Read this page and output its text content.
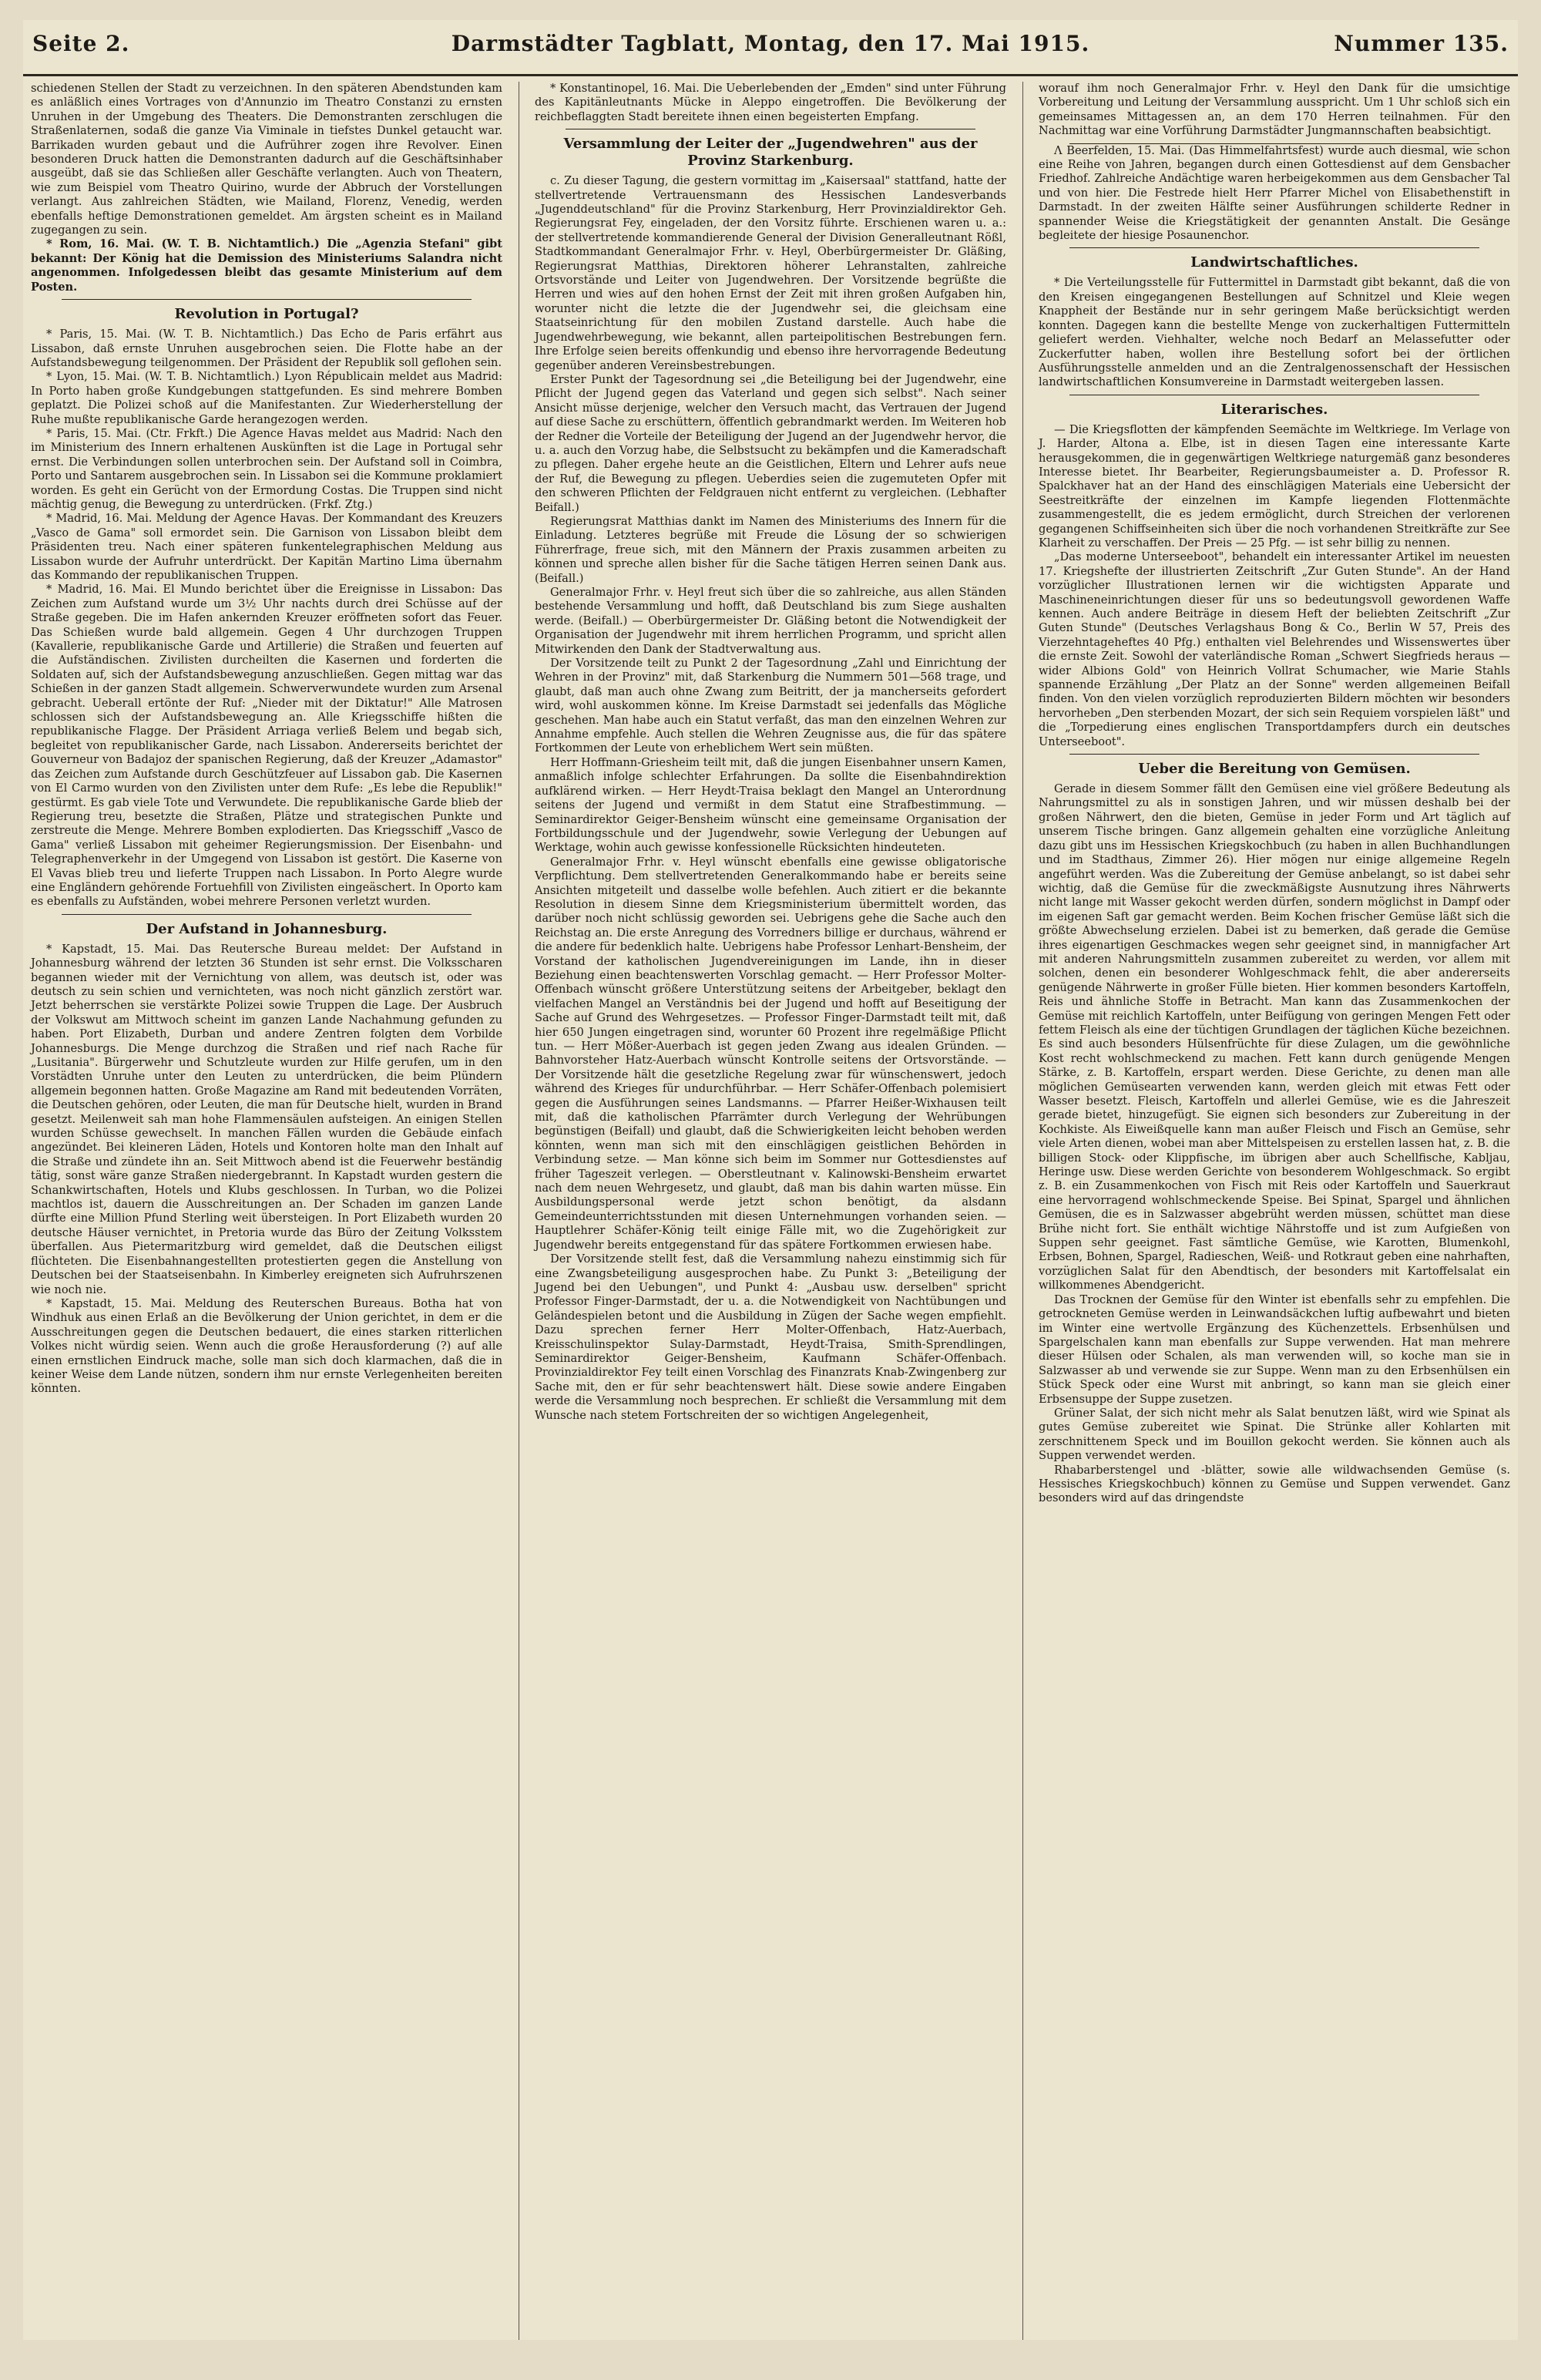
Seite 2.	Darmstädter Tagblatt, Montag, den 17. Mai 1915.	Nummer 135.

schiedenen Stellen der Stadt zu verzeichnen. In den späteren Abendstunden kam es anläßlich eines Vortrages von d'Annunzio im Theatro Constanzi zu ernsten Unruhen in der Umgebung des Theaters. Die Demonstranten zerschlugen die Straßenlaternen, sodaß die ganze Via Viminale in tiefstes Dunkel getaucht war. Barrikaden wurden gebaut und die Aufrührer zogen ihre Revolver. Einen besonderen Druck hatten die Demonstranten dadurch auf die Geschäftsinhaber ausgeübt, daß sie das Schließen aller Geschäfte verlangten. Auch von Theatern, wie zum Beispiel vom Theatro Quirino, wurde der Abbruch der Vorstellungen verlangt. Aus zahlreichen Städten, wie Mailand, Florenz, Venedig, werden ebenfalls heftige Demonstrationen gemeldet. Am ärgsten scheint es in Mailand zugegangen zu sein.

* Rom, 16. Mai. (W. T. B. Nichtamtlich.) Die „Agenzia Stefani" gibt bekannt: Der König hat die Demission des Ministeriums Salandra nicht angenommen. Infolgedessen bleibt das gesamte Ministerium auf dem Posten.

Revolution in Portugal?

* Paris, 15. Mai. (W. T. B. Nichtamtlich.) Das Echo de Paris erfährt aus Lissabon, daß ernste Unruhen ausgebrochen seien. Die Flotte habe an der Aufstandsbewegung teilgenommen. Der Präsident der Republik soll geflohen sein.

* Lyon, 15. Mai. (W. T. B. Nichtamtlich.) Lyon Républicain meldet aus Madrid: In Porto haben große Kundgebungen stattgefunden. Es sind mehrere Bomben geplatzt. Die Polizei schoß auf die Manifestanten. Zur Wiederherstellung der Ruhe mußte republikanische Garde herangezogen werden.

* Paris, 15. Mai. (Ctr. Frkft.) Die Agence Havas meldet aus Madrid: Nach den im Ministerium des Innern erhaltenen Auskünften ist die Lage in Portugal sehr ernst. Die Verbindungen sollen unterbrochen sein. Der Aufstand soll in Coimbra, Porto und Santarem ausgebrochen sein. In Lissabon sei die Kommune proklamiert worden. Es geht ein Gerücht von der Ermordung Costas. Die Truppen sind nicht mächtig genug, die Bewegung zu unterdrücken. (Frkf. Ztg.)

* Madrid, 16. Mai. Meldung der Agence Havas. Der Kommandant des Kreuzers „Vasco de Gama" soll ermordet sein. Die Garnison von Lissabon bleibt dem Präsidenten treu. Nach einer späteren funkentelegraphischen Meldung aus Lissabon wurde der Aufruhr unterdrückt. Der Kapitän Martino Lima übernahm das Kommando der republikanischen Truppen.

* Madrid, 16. Mai. El Mundo berichtet über die Ereignisse in Lissabon: Das Zeichen zum Aufstand wurde um 3½ Uhr nachts durch drei Schüsse auf der Straße gegeben. Die im Hafen ankernden Kreuzer eröffneten sofort das Feuer. Das Schießen wurde bald allgemein. Gegen 4 Uhr durchzogen Truppen (Kavallerie, republikanische Garde und Artillerie) die Straßen und feuerten auf die Aufständischen. Zivilisten durcheilten die Kasernen und forderten die Soldaten auf, sich der Aufstandsbewegung anzuschließen. Gegen mittag war das Schießen in der ganzen Stadt allgemein. Schwerverwundete wurden zum Arsenal gebracht. Ueberall ertönte der Ruf: „Nieder mit der Diktatur!" Alle Matrosen schlossen sich der Aufstandsbewegung an. Alle Kriegsschiffe hißten die republikanische Flagge. Der Präsident Arriaga verließ Belem und begab sich, begleitet von republikanischer Garde, nach Lissabon. Andererseits berichtet der Gouverneur von Badajoz der spanischen Regierung, daß der Kreuzer „Adamastor" das Zeichen zum Aufstande durch Geschützfeuer auf Lissabon gab. Die Kasernen von El Carmo wurden von den Zivilisten unter dem Rufe: „Es lebe die Republik!" gestürmt. Es gab viele Tote und Verwundete. Die republikanische Garde blieb der Regierung treu, besetzte die Straßen, Plätze und strategischen Punkte und zerstreute die Menge. Mehrere Bomben explodierten. Das Kriegsschiff „Vasco de Gama" verließ Lissabon mit geheimer Regierungsmission. Der Eisenbahn- und Telegraphenverkehr in der Umgegend von Lissabon ist gestört. Die Kaserne von El Vavas blieb treu und lieferte Truppen nach Lissabon. In Porto Alegre wurde eine Engländern gehörende Fortuehfill von Zivilisten eingeäschert. In Oporto kam es ebenfalls zu Aufständen, wobei mehrere Personen verletzt wurden.

Der Aufstand in Johannesburg.

* Kapstadt, 15. Mai. Das Reutersche Bureau meldet: Der Aufstand in Johannesburg während der letzten 36 Stunden ist sehr ernst. Die Volksscharen begannen wieder mit der Vernichtung von allem, was deutsch ist, oder was deutsch zu sein schien und vernichteten, was noch nicht gänzlich zerstört war. Jetzt beherrschen sie verstärkte Polizei sowie Truppen die Lage. Der Ausbruch der Volkswut am Mittwoch scheint im ganzen Lande Nachahmung gefunden zu haben. Port Elizabeth, Durban und andere Zentren folgten dem Vorbilde Johannesburgs. Die Menge durchzog die Straßen und rief nach Rache für „Lusitania". Bürgerwehr und Schutzleute wurden zur Hilfe gerufen, um in den Vorstädten Unruhe unter den Leuten zu unterdrücken, die beim Plündern allgemein begonnen hatten. Große Magazine am Rand mit bedeutenden Vorräten, die Deutschen gehören, oder Leuten, die man für Deutsche hielt, wurden in Brand gesetzt. Meilenweit sah man hohe Flammensäulen aufsteigen. An einigen Stellen wurden Schüsse gewechselt. In manchen Fällen wurden die Gebäude einfach angezündet. Bei kleineren Läden, Hotels und Kontoren holte man den Inhalt auf die Straße und zündete ihn an. Seit Mittwoch abend ist die Feuerwehr beständig tätig, sonst wäre ganze Straßen niedergebrannt. In Kapstadt wurden gestern die Schankwirtschaften, Hotels und Klubs geschlossen. In Turban, wo die Polizei machtlos ist, dauern die Ausschreitungen an. Der Schaden im ganzen Lande dürfte eine Million Pfund Sterling weit übersteigen. In Port Elizabeth wurden 20 deutsche Häuser vernichtet, in Pretoria wurde das Büro der Zeitung Volksstem überfallen. Aus Pietermaritzburg wird gemeldet, daß die Deutschen eiligst flüchteten. Die Eisenbahnangestellten protestierten gegen die Anstellung von Deutschen bei der Staatseisenbahn. In Kimberley ereigneten sich Aufruhrszenen wie noch nie.

* Kapstadt, 15. Mai. Meldung des Reuterschen Bureaus. Botha hat von Windhuk aus einen Erlaß an die Bevölkerung der Union gerichtet, in dem er die Ausschreitungen gegen die Deutschen bedauert, die eines starken ritterlichen Volkes nicht würdig seien. Wenn auch die große Herausforderung (?) auf alle einen ernstlichen Eindruck mache, solle man sich doch klarmachen, daß die in keiner Weise dem Lande nützen, sondern ihm nur ernste Verlegenheiten bereiten könnten.

* Konstantinopel, 16. Mai. Die Ueberlebenden der „Emden" sind unter Führung des Kapitänleutnants Mücke in Aleppo eingetroffen. Die Bevölkerung der reichbeflaggten Stadt bereitete ihnen einen begeisterten Empfang.

Versammlung der Leiter der „Jugendwehren" aus der Provinz Starkenburg.

c. Zu dieser Tagung, die gestern vormittag im „Kaisersaal" stattfand, hatte der stellvertretende Vertrauensmann des Hessischen Landesverbands „Jugenddeutschland" für die Provinz Starkenburg, Herr Provinzialdirektor Geh. Regierungsrat Fey, eingeladen, der den Vorsitz führte. Erschienen waren u. a.: der stellvertretende kommandierende General der Division Generalleutnant Rößl, Stadtkommandant Generalmajor Frhr. v. Heyl, Oberbürgermeister Dr. Gläßing, Regierungsrat Matthias, Direktoren höherer Lehranstalten, zahlreiche Ortsvorstände und Leiter von Jugendwehren. Der Vorsitzende begrüßte die Herren und wies auf den hohen Ernst der Zeit mit ihren großen Aufgaben hin, worunter nicht die letzte die der Jugendwehr sei, die gleichsam eine Staatseinrichtung für den mobilen Zustand darstelle. Auch habe die Jugendwehrbewegung, wie bekannt, allen parteipolitischen Bestrebungen fern. Ihre Erfolge seien bereits offenkundig und ebenso ihre hervorragende Bedeutung gegenüber anderen Vereinsbestrebungen.

Erster Punkt der Tagesordnung sei „die Beteiligung bei der Jugendwehr, eine Pflicht der Jugend gegen das Vaterland und gegen sich selbst". Nach seiner Ansicht müsse derjenige, welcher den Versuch macht, das Vertrauen der Jugend auf diese Sache zu erschüttern, öffentlich gebrandmarkt werden. Im Weiteren hob der Redner die Vorteile der Beteiligung der Jugend an der Jugendwehr hervor, die u. a. auch den Vorzug habe, die Selbstsucht zu bekämpfen und die Kameradschaft zu pflegen. Daher ergehe heute an die Geistlichen, Eltern und Lehrer aufs neue der Ruf, die Bewegung zu pflegen. Ueberdies seien die zugemuteten Opfer mit den schweren Pflichten der Feldgrauen nicht entfernt zu vergleichen. (Lebhafter Beifall.)

Regierungsrat Matthias dankt im Namen des Ministeriums des Innern für die Einladung. Letzteres begrüße mit Freude die Lösung der so schwierigen Führerfrage, freue sich, mit den Männern der Praxis zusammen arbeiten zu können und spreche allen bisher für die Sache tätigen Herren seinen Dank aus. (Beifall.)

Generalmajor Frhr. v. Heyl freut sich über die so zahlreiche, aus allen Ständen bestehende Versammlung und hofft, daß Deutschland bis zum Siege aushalten werde. (Beifall.) — Oberbürgermeister Dr. Gläßing betont die Notwendigkeit der Organisation der Jugendwehr mit ihrem herrlichen Programm, und spricht allen Mitwirkenden den Dank der Stadtverwaltung aus.

Der Vorsitzende teilt zu Punkt 2 der Tagesordnung „Zahl und Einrichtung der Wehren in der Provinz" mit, daß Starkenburg die Nummern 501—568 trage, und glaubt, daß man auch ohne Zwang zum Beitritt, der ja mancherseits gefordert wird, wohl auskommen könne. Im Kreise Darmstadt sei jedenfalls das Mögliche geschehen. Man habe auch ein Statut verfaßt, das man den einzelnen Wehren zur Annahme empfehle. Auch stellen die Wehren Zeugnisse aus, die für das spätere Fortkommen der Leute von erheblichem Wert sein müßten.

Herr Hoffmann-Griesheim teilt mit, daß die jungen Eisenbahner unsern Kamen, anmaßlich infolge schlechter Erfahrungen. Da sollte die Eisenbahndirektion aufklärend wirken. — Herr Heydt-Traisa beklagt den Mangel an Unterordnung seitens der Jugend und vermißt in dem Statut eine Strafbestimmung. — Seminardirektor Geiger-Bensheim wünscht eine gemeinsame Organisation der Fortbildungsschule und der Jugendwehr, sowie Verlegung der Uebungen auf Werktage, wohin auch gewisse konfessionelle Rücksichten hindeuteten.

Generalmajor Frhr. v. Heyl wünscht ebenfalls eine gewisse obligatorische Verpflichtung. Dem stellvertretenden Generalkommando habe er bereits seine Ansichten mitgeteilt und dasselbe wolle befehlen. Auch zitiert er die bekannte Resolution in diesem Sinne dem Kriegsministerium übermittelt worden, das darüber noch nicht schlüssig geworden sei. Uebrigens gehe die Sache auch den Reichstag an. Die erste Anregung des Vorredners billige er durchaus, während er die andere für bedenklich halte. Uebrigens habe Professor Lenhart-Bensheim, der Vorstand der katholischen Jugendvereinigungen im Lande, ihn in dieser Beziehung einen beachtenswerten Vorschlag gemacht. — Herr Professor Molter-Offenbach wünscht größere Unterstützung seitens der Arbeitgeber, beklagt den vielfachen Mangel an Verständnis bei der Jugend und hofft auf Beseitigung der Sache auf Grund des Wehrgesetzes. — Professor Finger-Darmstadt teilt mit, daß hier 650 Jungen eingetragen sind, worunter 60 Prozent ihre regelmäßige Pflicht tun. — Herr Mößer-Auerbach ist gegen jeden Zwang aus idealen Gründen. — Bahnvorsteher Hatz-Auerbach wünscht Kontrolle seitens der Ortsvorstände. — Der Vorsitzende hält die gesetzliche Regelung zwar für wünschenswert, jedoch während des Krieges für undurchführbar. — Herr Schäfer-Offenbach polemisiert gegen die Ausführungen seines Landsmanns. — Pfarrer Heißer-Wixhausen teilt mit, daß die katholischen Pfarrämter durch Verlegung der Wehrübungen begünstigen (Beifall) und glaubt, daß die Schwierigkeiten leicht behoben werden könnten, wenn man sich mit den einschlägigen geistlichen Behörden in Verbindung setze. — Man könne sich beim im Sommer nur Gottesdienstes auf früher Tageszeit verlegen. — Oberstleutnant v. Kalinowski-Bensheim erwartet nach dem neuen Wehrgesetz, und glaubt, daß man bis dahin warten müsse. Ein Ausbildungspersonal werde jetzt schon benötigt, da alsdann Gemeindeunterrichtsstunden mit diesen Unternehmungen vorhanden seien. — Hauptlehrer Schäfer-König teilt einige Fälle mit, wo die Zugehörigkeit zur Jugendwehr bereits entgegenstand für das spätere Fortkommen erwiesen habe.

Der Vorsitzende stellt fest, daß die Versammlung nahezu einstimmig sich für eine Zwangsbeteiligung ausgesprochen habe. Zu Punkt 3: „Beteiligung der Jugend bei den Uebungen", und Punkt 4: „Ausbau usw. derselben" spricht Professor Finger-Darmstadt, der u. a. die Notwendigkeit von Nachtübungen und Geländespielen betont und die Ausbildung in Zügen der Sache wegen empfiehlt. Dazu sprechen ferner Herr Molter-Offenbach, Hatz-Auerbach, Kreisschulinspektor Sulay-Darmstadt, Heydt-Traisa, Smith-Sprendlingen, Seminardirektor Geiger-Bensheim, Kaufmann Schäfer-Offenbach. Provinzialdirektor Fey teilt einen Vorschlag des Finanzrats Knab-Zwingenberg zur Sache mit, den er für sehr beachtenswert hält. Diese sowie andere Eingaben werde die Versammlung noch besprechen. Er schließt die Versammlung mit dem Wunsche nach stetem Fortschreiten der so wichtigen Angelegenheit,

worauf ihm noch Generalmajor Frhr. v. Heyl den Dank für die umsichtige Vorbereitung und Leitung der Versammlung ausspricht. Um 1 Uhr schloß sich ein gemeinsames Mittagessen an, an dem 170 Herren teilnahmen. Für den Nachmittag war eine Vorführung Darmstädter Jungmannschaften beabsichtigt.

Λ Beerfelden, 15. Mai. (Das Himmelfahrtsfest) wurde auch diesmal, wie schon eine Reihe von Jahren, begangen durch einen Gottesdienst auf dem Gensbacher Friedhof. Zahlreiche Andächtige waren herbeigekommen aus dem Gensbacher Tal und von hier. Die Festrede hielt Herr Pfarrer Michel von Elisabethenstift in Darmstadt. In der zweiten Hälfte seiner Ausführungen schilderte Redner in spannender Weise die Kriegstätigkeit der genannten Anstalt. Die Gesänge begleitete der hiesige Posaunenchor.

Landwirtschaftliches.

* Die Verteilungsstelle für Futtermittel in Darmstadt gibt bekannt, daß die von den Kreisen eingegangenen Bestellungen auf Schnitzel und Kleie wegen Knappheit der Bestände nur in sehr geringem Maße berücksichtigt werden konnten. Dagegen kann die bestellte Menge von zuckerhaltigen Futtermitteln geliefert werden. Viehhalter, welche noch Bedarf an Melassefutter oder Zuckerfutter haben, wollen ihre Bestellung sofort bei der örtlichen Ausführungsstelle anmelden und an die Zentralgenossenschaft der Hessischen landwirtschaftlichen Konsumvereine in Darmstadt weitergeben lassen.

Literarisches.

— Die Kriegsflotten der kämpfenden Seemächte im Weltkriege. Im Verlage von J. Harder, Altona a. Elbe, ist in diesen Tagen eine interessante Karte herausgekommen, die in gegenwärtigen Weltkriege naturgemäß ganz besonderes Interesse bietet. Ihr Bearbeiter, Regierungsbaumeister a. D. Professor R. Spalckhaver hat an der Hand des einschlägigen Materials eine Uebersicht der Seestreitkräfte der einzelnen im Kampfe liegenden Flottenmächte zusammengestellt, die es jedem ermöglicht, durch Streichen der verlorenen gegangenen Schiffseinheiten sich über die noch vorhandenen Streitkräfte zur See Klarheit zu verschaffen. Der Preis — 25 Pfg. — ist sehr billig zu nennen.

„Das moderne Unterseeboot", behandelt ein interessanter Artikel im neuesten 17. Kriegshefte der illustrierten Zeitschrift „Zur Guten Stunde". An der Hand vorzüglicher Illustrationen lernen wir die wichtigsten Apparate und Maschineneinrichtungen dieser für uns so bedeutungsvoll gewordenen Waffe kennen. Auch andere Beiträge in diesem Heft der beliebten Zeitschrift „Zur Guten Stunde" (Deutsches Verlagshaus Bong & Co., Berlin W 57, Preis des Vierzehntageheftes 40 Pfg.) enthalten viel Belehrendes und Wissenswertes über die ernste Zeit. Sowohl der vaterländische Roman „Schwert Siegfrieds heraus — wider Albions Gold" von Heinrich Vollrat Schumacher, wie Marie Stahls spannende Erzählung „Der Platz an der Sonne" werden allgemeinen Beifall finden. Von den vielen vorzüglich reproduzierten Bildern möchten wir besonders hervorheben „Den sterbenden Mozart, der sich sein Requiem vorspielen läßt" und die „Torpedierung eines englischen Transportdampfers durch ein deutsches Unterseeboot".

Ueber die Bereitung von Gemüsen.

Gerade in diesem Sommer fällt den Gemüsen eine viel größere Bedeutung als Nahrungsmittel zu als in sonstigen Jahren, und wir müssen deshalb bei der großen Nährwert, den die bieten, Gemüse in jeder Form und Art täglich auf unserem Tische bringen. Ganz allgemein gehalten eine vorzügliche Anleitung dazu gibt uns im Hessischen Kriegskochbuch (zu haben in allen Buchhandlungen und im Stadthaus, Zimmer 26). Hier mögen nur einige allgemeine Regeln angeführt werden. Was die Zubereitung der Gemüse anbelangt, so ist dabei sehr wichtig, daß die Gemüse für die zweckmäßigste Ausnutzung ihres Nährwerts nicht lange mit Wasser gekocht werden dürfen, sondern möglichst in Dampf oder im eigenen Saft gar gemacht werden. Beim Kochen frischer Gemüse läßt sich die größte Abwechselung erzielen. Dabei ist zu bemerken, daß gerade die Gemüse ihres eigenartigen Geschmackes wegen sehr geeignet sind, in mannigfacher Art mit anderen Nahrungsmitteln zusammen zubereitet zu werden, vor allem mit solchen, denen ein besonderer Wohlgeschmack fehlt, die aber andererseits genügende Nährwerte in großer Fülle bieten. Hier kommen besonders Kartoffeln, Reis und ähnliche Stoffe in Betracht. Man kann das Zusammenkochen der Gemüse mit reichlich Kartoffeln, unter Beifügung von geringen Mengen Fett oder fettem Fleisch als eine der tüchtigen Grundlagen der täglichen Küche bezeichnen. Es sind auch besonders Hülsenfrüchte für diese Zulagen, um die gewöhnliche Kost recht wohlschmeckend zu machen. Fett kann durch genügende Mengen Stärke, z. B. Kartoffeln, erspart werden. Diese Gerichte, zu denen man alle möglichen Gemüsearten verwenden kann, werden gleich mit etwas Fett oder Wasser besetzt. Fleisch, Kartoffeln und allerlei Gemüse, wie es die Jahreszeit gerade bietet, hinzugefügt. Sie eignen sich besonders zur Zubereitung in der Kochkiste. Als Eiweißquelle kann man außer Fleisch und Fisch an Gemüse, sehr viele Arten dienen, wobei man aber Mittelspeisen zu erstellen lassen hat, z. B. die billigen Stock- oder Klippfische, im übrigen aber auch Schellfische, Kabljau, Heringe usw. Diese werden Gerichte von besonderem Wohlgeschmack. So ergibt z. B. ein Zusammenkochen von Fisch mit Reis oder Kartoffeln und Sauerkraut eine hervorragend wohlschmeckende Speise. Bei Spinat, Spargel und ähnlichen Gemüsen, die es in Salzwasser abgebrüht werden müssen, schüttet man diese Brühe nicht fort. Sie enthält wichtige Nährstoffe und ist zum Aufgießen von Suppen sehr geeignet. Fast sämtliche Gemüse, wie Karotten, Blumenkohl, Erbsen, Bohnen, Spargel, Radieschen, Weiß- und Rotkraut geben eine nahrhaften, vorzüglichen Salat für den Abendtisch, der besonders mit Kartoffelsalat ein willkommenes Abendgericht.

Das Trocknen der Gemüse für den Winter ist ebenfalls sehr zu empfehlen. Die getrockneten Gemüse werden in Leinwandsäckchen luftig aufbewahrt und bieten im Winter eine wertvolle Ergänzung des Küchenzettels. Erbsenhülsen und Spargelschalen kann man ebenfalls zur Suppe verwenden. Hat man mehrere dieser Hülsen oder Schalen, als man verwenden will, so koche man sie in Salzwasser ab und verwende sie zur Suppe. Wenn man zu den Erbsenhülsen ein Stück Speck oder eine Wurst mit anbringt, so kann man sie gleich einer Erbsensuppe der Suppe zusetzen.

Grüner Salat, der sich nicht mehr als Salat benutzen läßt, wird wie Spinat als gutes Gemüse zubereitet wie Spinat. Die Strünke aller Kohlarten mit zerschnittenem Speck und im Bouillon gekocht werden. Sie können auch als Suppen verwendet werden.

Rhabarberstengel und -blätter, sowie alle wildwachsenden Gemüse (s. Hessisches Kriegskochbuch) können zu Gemüse und Suppen verwendet. Ganz besonders wird auf das dringendste
